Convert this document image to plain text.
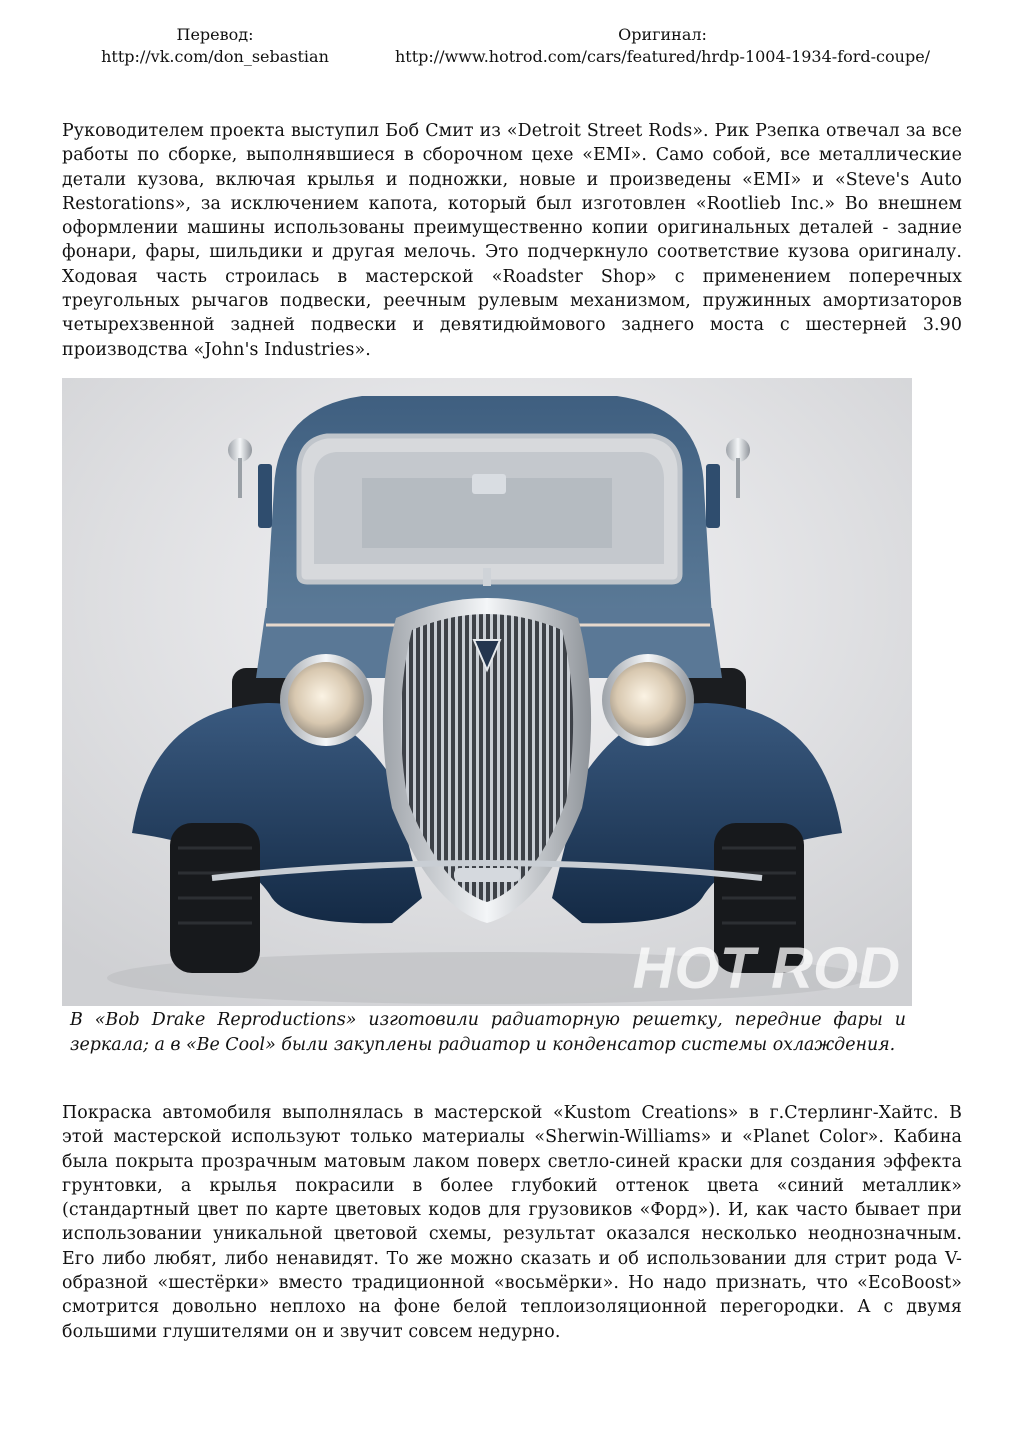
Перевод:
http://vk.com/don_sebastian
Оригинал:
http://www.hotrod.com/cars/featured/hrdp-1004-1934-ford-coupe/

Руководителем проекта выступил Боб Смит из «Detroit Street Rods». Рик Рзепка отвечал за все работы по сборке, выполнявшиеся в сборочном цехе «EMI». Само собой, все металлические детали кузова, включая крылья и подножки, новые и произведены «EMI» и «Steve's Auto Restorations», за исключением капота, который был изготовлен «Rootlieb Inc.» Во внешнем оформлении машины использованы преимущественно копии оригинальных деталей - задние фонари, фары, шильдики и другая мелочь. Это подчеркнуло соответствие кузова оригиналу. Ходовая часть строилась в мастерской «Roadster Shop» с применением поперечных треугольных рычагов подвески, реечным рулевым механизмом, пружинных амортизаторов четырехзвенной задней подвески и девятидюймового заднего моста с шестерней 3.90 производства «John's Industries».

HOT ROD

В «Bob Drake Reproductions» изготовили радиаторную решетку, передние фары и зеркала; а в «Be Cool» были закуплены радиатор и конденсатор системы охлаждения.

Покраска автомобиля выполнялась в мастерской «Kustom Creations» в г.Стерлинг-Хайтс. В этой мастерской используют только материалы «Sherwin-Williams» и «Planet Color». Кабина была покрыта прозрачным матовым лаком поверх светло-синей краски для создания эффекта грунтовки, а крылья покрасили в более глубокий оттенок цвета «синий металлик» (стандартный цвет по карте цветовых кодов для грузовиков «Форд»). И, как часто бывает при использовании уникальной цветовой схемы, результат оказался несколько неоднозначным. Его либо любят, либо ненавидят. То же можно сказать и об использовании для стрит рода V-образной «шестёрки» вместо традиционной «восьмёрки». Но надо признать, что «EcoBoost» смотрится довольно неплохо на фоне белой теплоизоляционной перегородки. А с двумя большими глушителями он и звучит совсем недурно.
